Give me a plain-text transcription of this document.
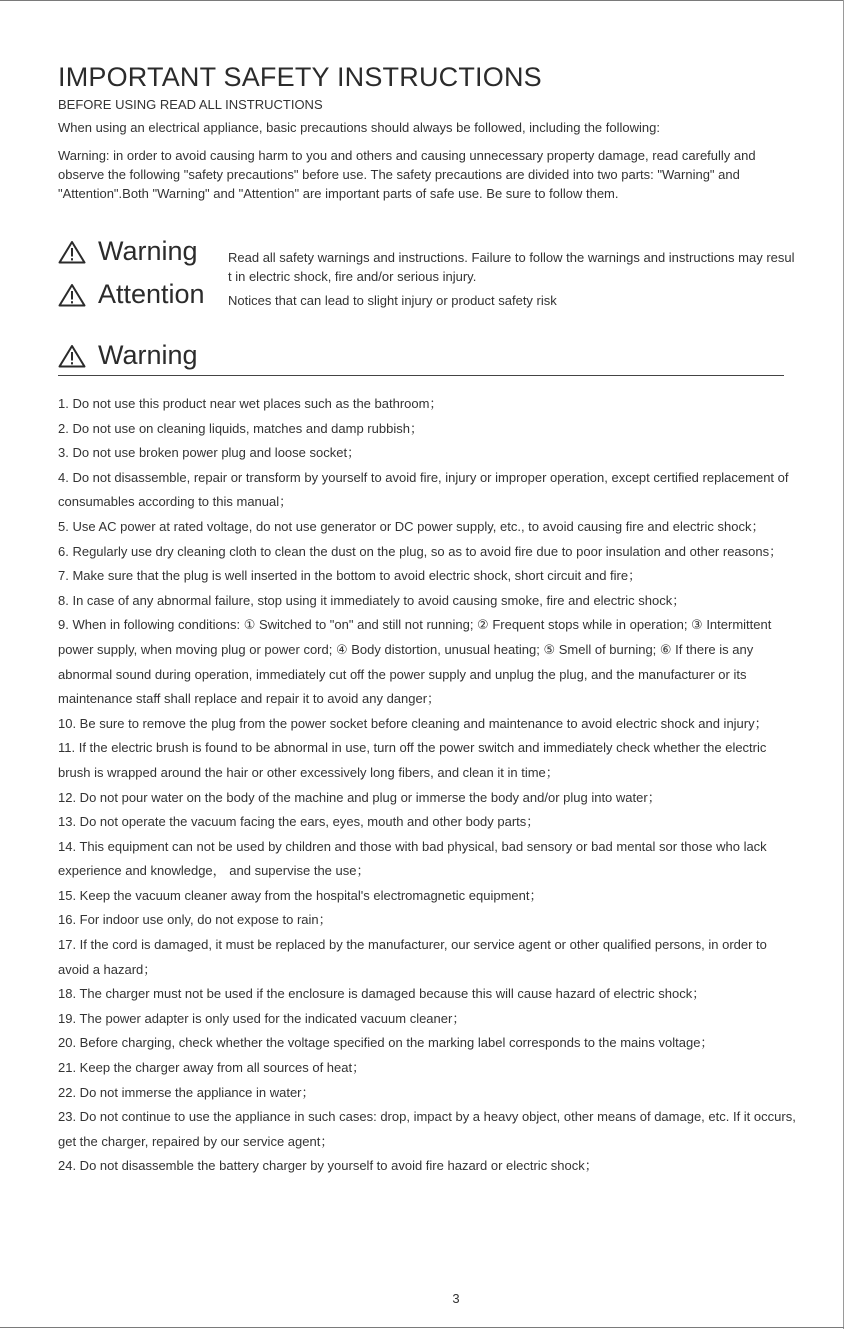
IMPORTANT SAFETY INSTRUCTIONS
BEFORE USING READ ALL INSTRUCTIONS
When using an electrical appliance, basic precautions should always be followed, including the following:
Warning: in order to avoid causing harm to you and others and causing unnecessary property damage, read carefully and observe the following "safety precautions" before use. The safety precautions are divided into two parts: "Warning" and "Attention".Both "Warning" and "Attention" are important parts of safe use. Be sure to follow them.
Warning Read all safety warnings and instructions. Failure to follow the warnings and instructions may result in electric shock, fire and/or serious injury.
Attention Notices that can lead to slight injury or product safety risk
Warning
1. Do not use this product near wet places such as the bathroom；
2. Do not use on cleaning liquids, matches and damp rubbish；
3. Do not use broken power plug and loose socket；
4. Do not disassemble, repair or transform by yourself to avoid fire, injury or improper operation, except certified replacement of consumables according to this manual；
5. Use AC power at rated voltage, do not use generator or DC power supply, etc., to avoid causing fire and electric shock；
6. Regularly use dry cleaning cloth to clean the dust on the plug, so as to avoid fire due to poor insulation and other reasons；
7. Make sure that the plug is well inserted in the bottom to avoid electric shock, short circuit and fire；
8. In case of any abnormal failure, stop using it immediately to avoid causing smoke, fire and electric shock；
9. When in following conditions: ① Switched to "on" and still not running; ② Frequent stops while in operation; ③ Intermittent power supply, when moving plug or power cord; ④ Body distortion, unusual heating; ⑤ Smell of burning; ⑥ If there is any abnormal sound during operation, immediately cut off the power supply and unplug the plug, and the manufacturer or its maintenance staff shall replace and repair it to avoid any danger；
10. Be sure to remove the plug from the power socket before cleaning and maintenance to avoid electric shock and injury；
11. If the electric brush is found to be abnormal in use, turn off the power switch and immediately check whether the electric brush is wrapped around the hair or other excessively long fibers, and clean it in time；
12. Do not pour water on the body of the machine and plug or immerse the body and/or plug into water；
13. Do not operate the vacuum facing the ears, eyes, mouth and other body parts；
14. This equipment can not be used by children and those with bad physical, bad sensory or bad mental sor those who lack experience and knowledge， and supervise the use；
15. Keep the vacuum cleaner away from the hospital's electromagnetic equipment；
16. For indoor use only, do not expose to rain；
17. If the cord is damaged, it must be replaced by the manufacturer, our service agent or other qualified persons, in order to avoid a hazard；
18. The charger must not be used if the enclosure is damaged because this will cause hazard of electric shock；
19. The power adapter is only used for the indicated vacuum cleaner；
20. Before charging, check whether the voltage specified on the marking label corresponds to the mains voltage；
21. Keep the charger away from all sources of heat；
22. Do not immerse the appliance in water；
23. Do not continue to use the appliance in such cases: drop, impact by a heavy object, other means of damage, etc. If it occurs, get the charger, repaired by our service agent；
24. Do not disassemble the battery charger by yourself to avoid fire hazard or electric shock；
3
